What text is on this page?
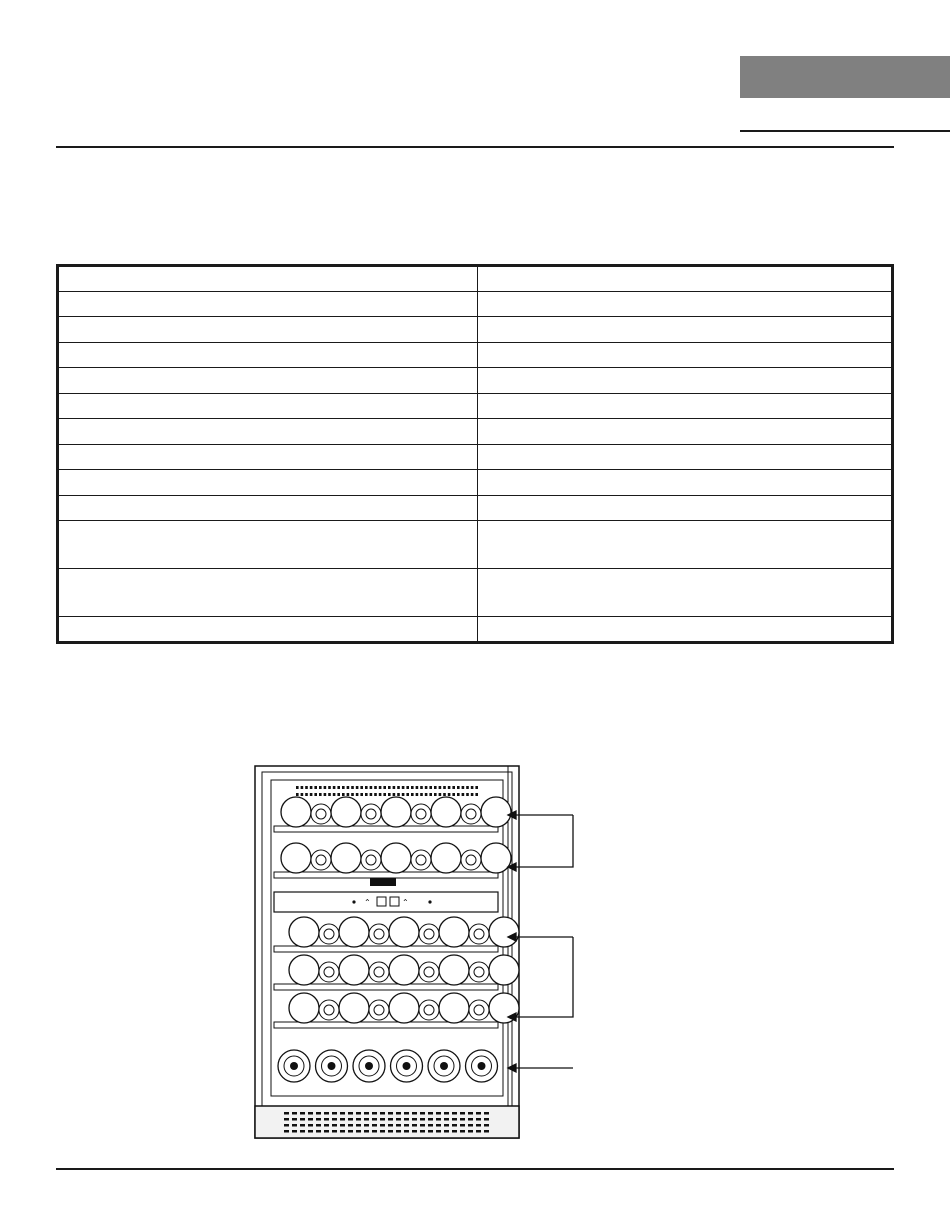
⌃	⌃
